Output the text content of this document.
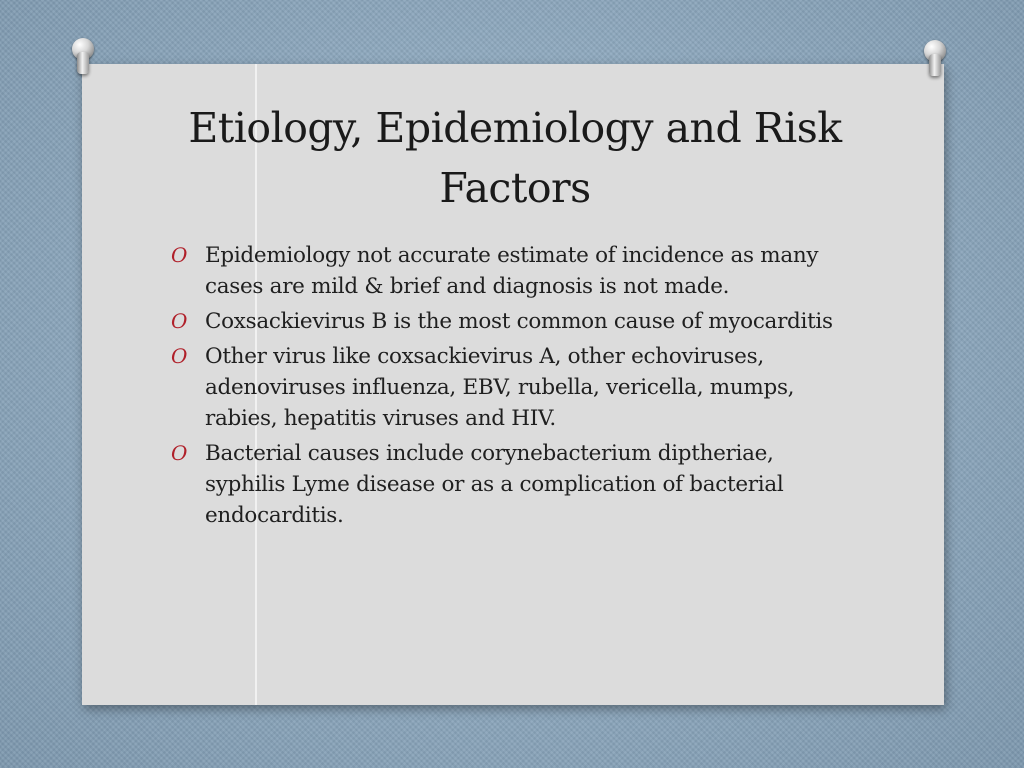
Etiology, Epidemiology and Risk
Factors
O Epidemiology not accurate estimate of incidence as many cases are mild & brief and diagnosis is not made.
O Coxsackievirus B is the most common cause of myocarditis
O Other virus like coxsackievirus A, other echoviruses, adenoviruses influenza, EBV, rubella, vericella, mumps, rabies, hepatitis viruses and HIV.
O Bacterial causes include corynebacterium diptheriae, syphilis Lyme disease or as a complication of bacterial endocarditis.
